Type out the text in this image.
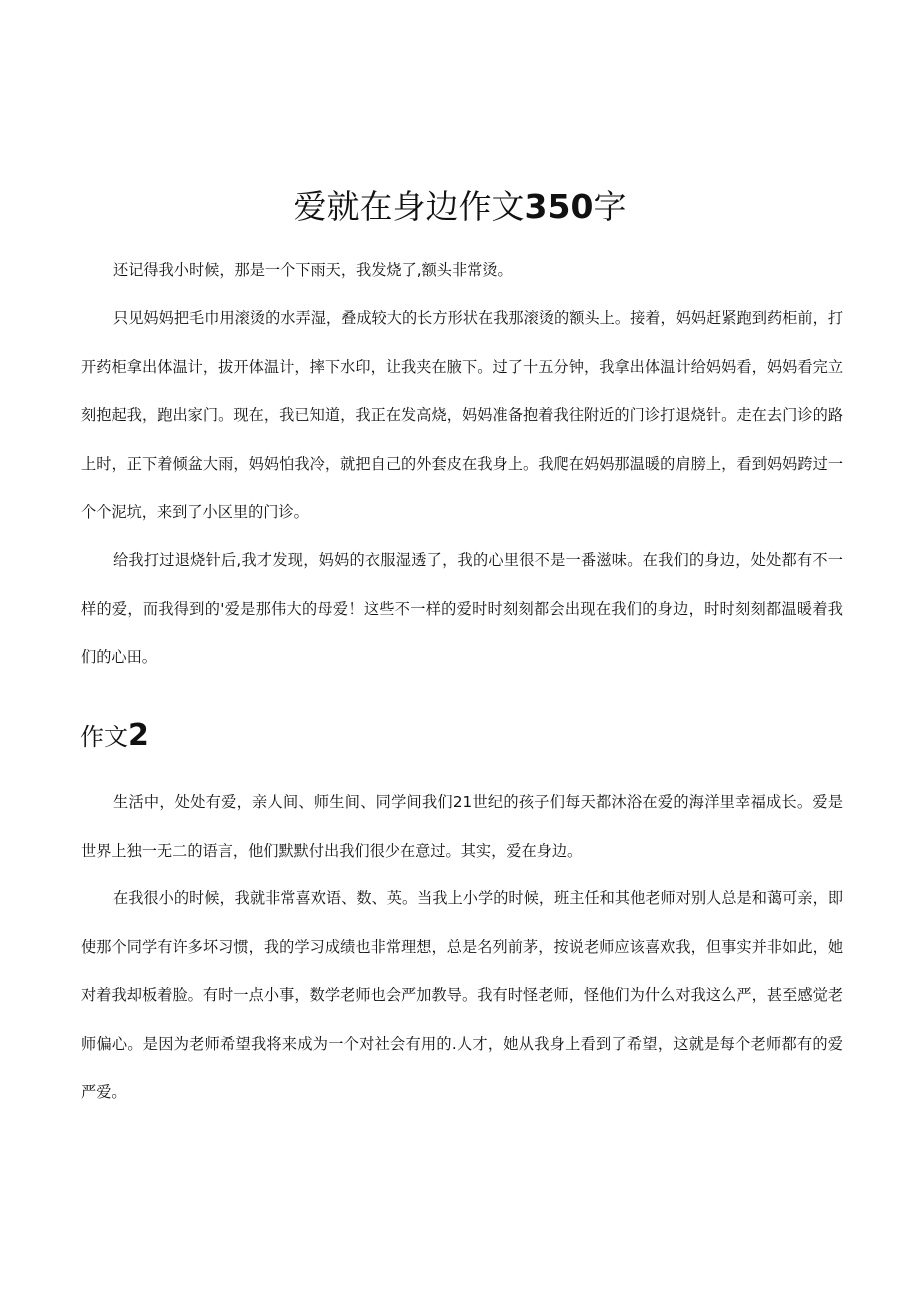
爱就在身边作文350字

还记得我小时候，那是一个下雨天，我发烧了,额头非常烫。

只见妈妈把毛巾用滚烫的水弄湿，叠成较大的长方形状在我那滚烫的额头上。接着，妈妈赶紧跑到药柜前，打开药柜拿出体温计，拔开体温计，摔下水印，让我夹在腋下。过了十五分钟，我拿出体温计给妈妈看，妈妈看完立刻抱起我，跑出家门。现在，我已知道，我正在发高烧，妈妈准备抱着我往附近的门诊打退烧针。走在去门诊的路上时，正下着倾盆大雨，妈妈怕我冷，就把自己的外套皮在我身上。我爬在妈妈那温暖的肩膀上，看到妈妈跨过一个个泥坑，来到了小区里的门诊。

给我打过退烧针后,我才发现，妈妈的衣服湿透了，我的心里很不是一番滋味。在我们的身边，处处都有不一样的爱，而我得到的'爱是那伟大的母爱！这些不一样的爱时时刻刻都会出现在我们的身边，时时刻刻都温暖着我们的心田。

作文2

生活中，处处有爱，亲人间、师生间、同学间我们21世纪的孩子们每天都沐浴在爱的海洋里幸福成长。爱是世界上独一无二的语言，他们默默付出我们很少在意过。其实，爱在身边。

在我很小的时候，我就非常喜欢语、数、英。当我上小学的时候，班主任和其他老师对别人总是和蔼可亲，即使那个同学有许多坏习惯，我的学习成绩也非常理想，总是名列前茅，按说老师应该喜欢我，但事实并非如此，她对着我却板着脸。有时一点小事，数学老师也会严加教导。我有时怪老师，怪他们为什么对我这么严，甚至感觉老师偏心。是因为老师希望我将来成为一个对社会有用的.人才，她从我身上看到了希望，这就是每个老师都有的爱严爱。
